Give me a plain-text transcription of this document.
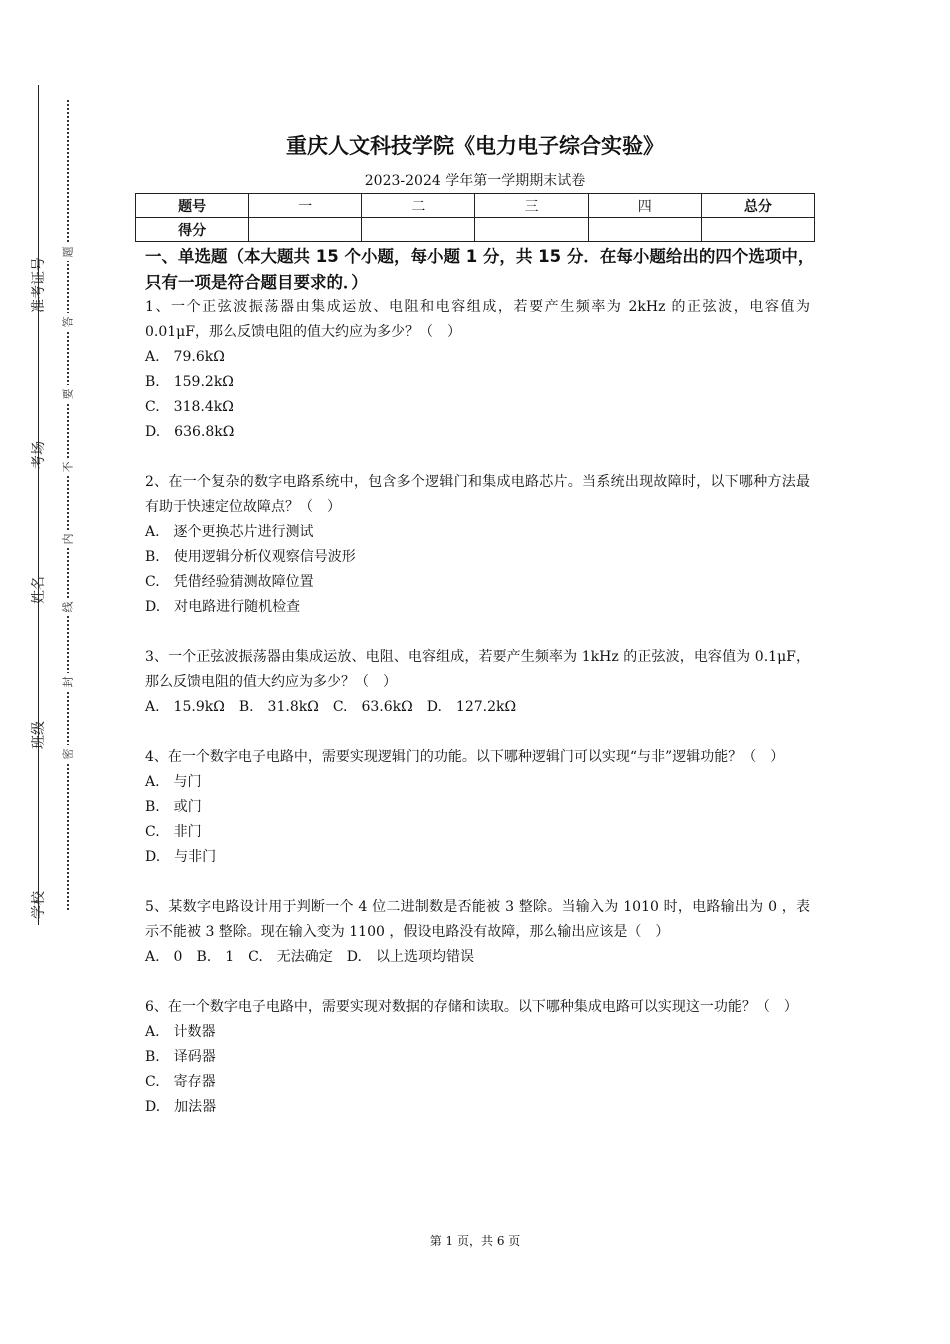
准考证号
考场
姓名
班级
学校
题
答
要
不
内
线
封
密
重庆人文科技学院《电力电子综合实验》
2023-2024 学年第一学期期末试卷
题号	一	二	三	四	总分
得分					
一、单选题（本大题共 15 个小题，每小题 1 分，共 15 分．在每小题给出的四个选项中，只有一项是符合题目要求的．）
1、一个正弦波振荡器由集成运放、电阻和电容组成，若要产生频率为 2kHz 的正弦波，电容值为 0.01μF，那么反馈电阻的值大约应为多少？（　）
A.　79.6kΩ
B.　159.2kΩ
C.　318.4kΩ
D.　636.8kΩ
2、在一个复杂的数字电路系统中，包含多个逻辑门和集成电路芯片。当系统出现故障时，以下哪种方法最有助于快速定位故障点？（　）
A.　逐个更换芯片进行测试
B.　使用逻辑分析仪观察信号波形
C.　凭借经验猜测故障位置
D.　对电路进行随机检查
3、一个正弦波振荡器由集成运放、电阻、电容组成，若要产生频率为 1kHz 的正弦波，电容值为 0.1μF，那么反馈电阻的值大约应为多少？（　）
A.　15.9kΩ　B.　31.8kΩ　C.　63.6kΩ　D.　127.2kΩ
4、在一个数字电子电路中，需要实现逻辑门的功能。以下哪种逻辑门可以实现“与非”逻辑功能？（　）
A.　与门
B.　或门
C.　非门
D.　与非门
5、某数字电路设计用于判断一个 4 位二进制数是否能被 3 整除。当输入为 1010 时，电路输出为 0 ，表示不能被 3 整除。现在输入变为 1100 ，假设电路没有故障，那么输出应该是（　）
A.　0　B.　1　C.　无法确定　D.　以上选项均错误
6、在一个数字电子电路中，需要实现对数据的存储和读取。以下哪种集成电路可以实现这一功能？（　）
A.　计数器
B.　译码器
C.　寄存器
D.　加法器
第 1 页，共 6 页
